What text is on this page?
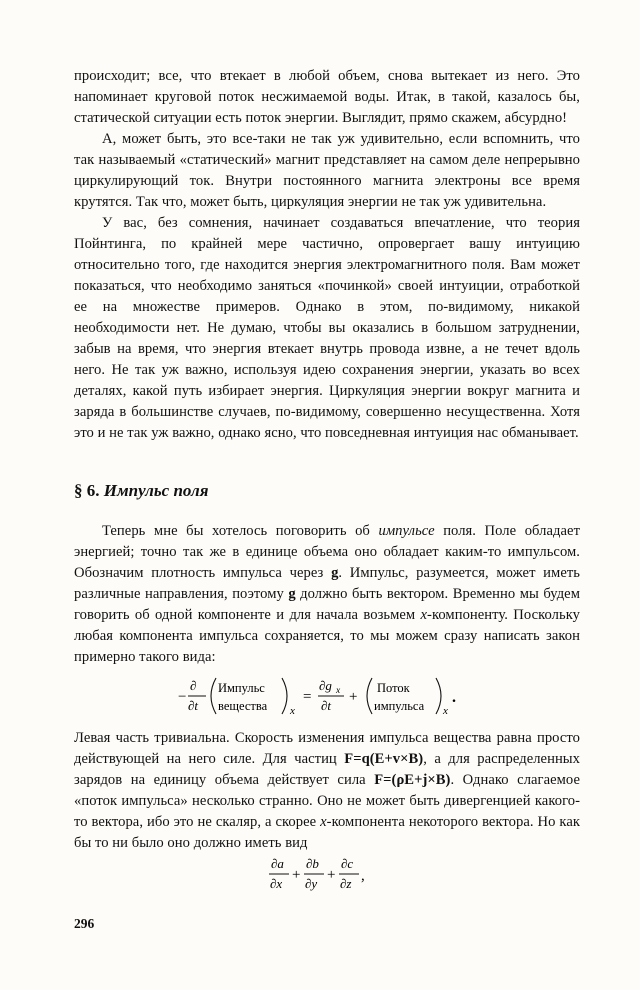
происходит; все, что втекает в любой объем, снова вытекает из него. Это напоминает круговой поток несжимаемой воды. Итак, в такой, казалось бы, статической ситуации есть поток энергии. Выглядит, прямо скажем, абсурдно!

А, может быть, это все-таки не так уж удивительно, если вспомнить, что так называемый «статический» магнит представляет на самом деле непрерывно циркулирующий ток. Внутри постоянного магнита электроны все время крутятся. Так что, может быть, циркуляция энергии не так уж удивительна.

У вас, без сомнения, начинает создаваться впечатление, что теория Пойнтинга, по крайней мере частично, опровергает вашу интуицию относительно того, где находится энергия электромагнитного поля. Вам может показаться, что необходимо заняться «починкой» своей интуиции, отработкой ее на множестве примеров. Однако в этом, по-видимому, никакой необходимости нет. Не думаю, чтобы вы оказались в большом затруднении, забыв на время, что энергия втекает внутрь провода извне, а не течет вдоль него. Не так уж важно, используя идею сохранения энергии, указать во всех деталях, какой путь избирает энергия. Циркуляция энергии вокруг магнита и заряда в большинстве случаев, по-видимому, совершенно несущественна. Хотя это и не так уж важно, однако ясно, что повседневная интуиция нас обманывает.

§ 6. Импульс поля

Теперь мне бы хотелось поговорить об импульсе поля. Поле обладает энергией; точно так же в единице объема оно обладает каким-то импульсом. Обозначим плотность импульса через g. Импульс, разумеется, может иметь различные направления, поэтому g должно быть вектором. Временно мы будем говорить об одной компоненте и для начала возьмем x-компоненту. Поскольку любая компонента импульса сохраняется, то мы можем сразу написать закон примерно такого вида:

−
∂
∂t
Импульс
вещества x
=
∂g x
∂t
+
Поток
импульса x
.

Левая часть тривиальна. Скорость изменения импульса вещества равна просто действующей на него силе. Для частиц F=q(E+v×B), а для распределенных зарядов на единицу объема действует сила F=(ρE+j×B). Однако слагаемое «поток импульса» несколько странно. Оно не может быть дивергенцией какого-то вектора, ибо это не скаляр, а скорее x-компонента некоторого вектора. Но как бы то ни было оно должно иметь вид

∂a
∂x
+
∂b
∂y
+
∂c
∂z ,
296
